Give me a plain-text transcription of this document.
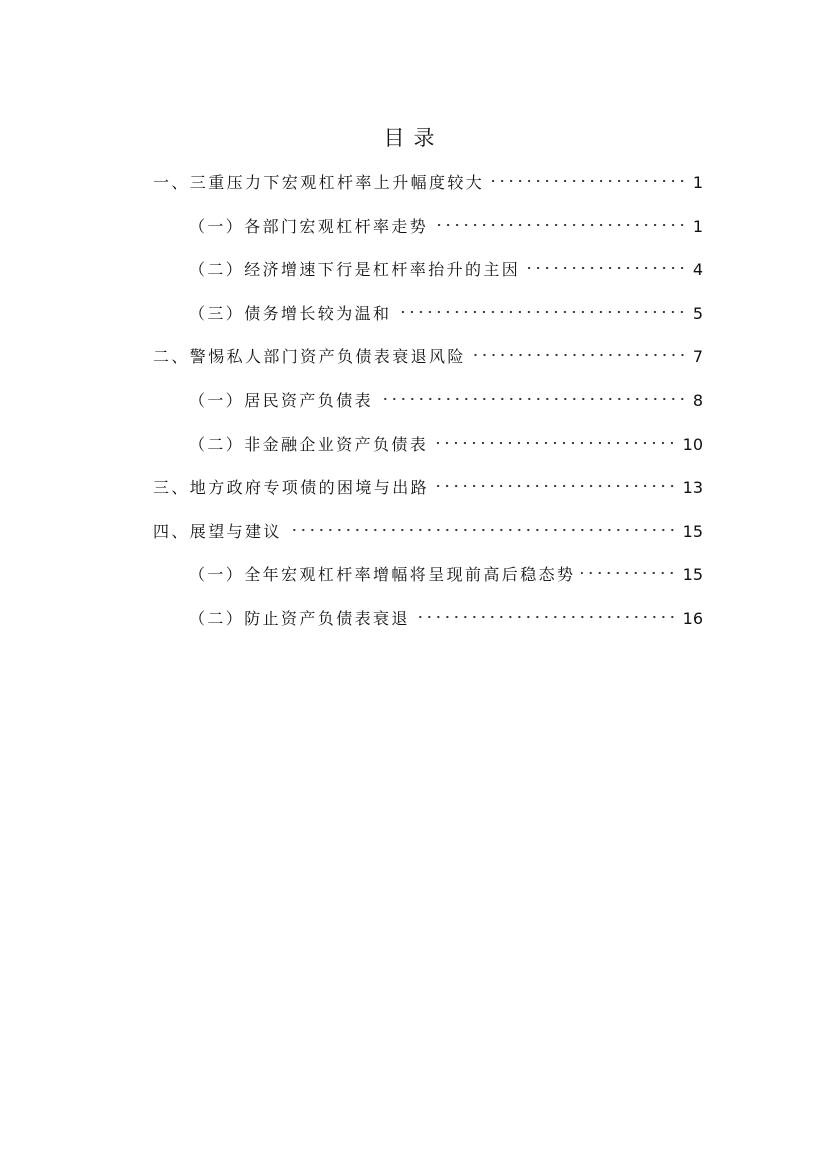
目录
一、三重压力下宏观杠杆率上升幅度较大	1
（一）各部门宏观杠杆率走势	1
（二）经济增速下行是杠杆率抬升的主因	4
（三）债务增长较为温和	5
二、警惕私人部门资产负债表衰退风险	7
（一）居民资产负债表	8
（二）非金融企业资产负债表	10
三、地方政府专项债的困境与出路	13
四、展望与建议	15
（一）全年宏观杠杆率增幅将呈现前高后稳态势	15
（二）防止资产负债表衰退	16
